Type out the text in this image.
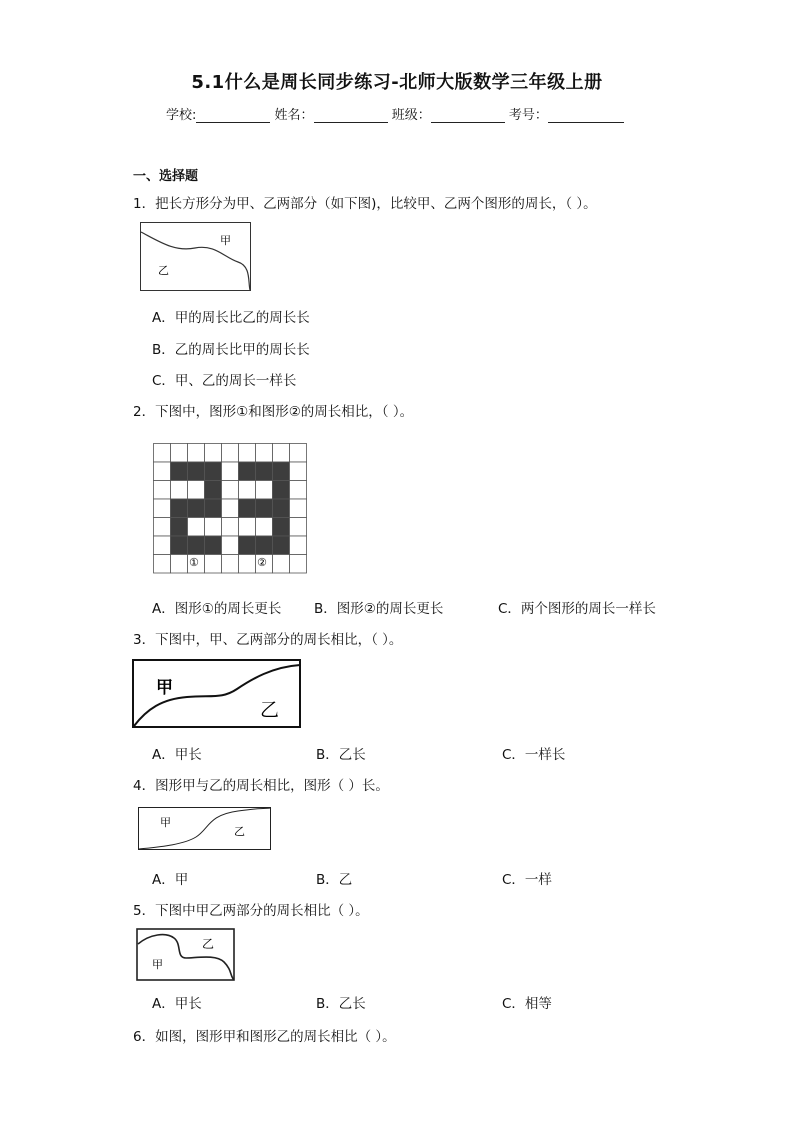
5.1什么是周长同步练习-北师大版数学三年级上册
学校:	姓名：	班级：	考号：
一、选择题
1．把长方形分为甲、乙两部分（如下图)，比较甲、乙两个图形的周长，（ ）。
甲
乙
A．甲的周长比乙的周长长
B．乙的周长比甲的周长长
C．甲、乙的周长一样长
2．下图中，图形①和图形②的周长相比，（ ）。
①	②
A．图形①的周长更长 B．图形②的周长更长	C．两个图形的周长一样长
3．下图中，甲、乙两部分的周长相比，（ ）。
甲
乙
A．甲长	B．乙长	C．一样长
4．图形甲与乙的周长相比，图形（ ）长。
甲
乙
A．甲	B．乙	C．一样
5．下图中甲乙两部分的周长相比（ ）。
乙
甲
A．甲长	B．乙长	C．相等
6．如图，图形甲和图形乙的周长相比（ ）。
